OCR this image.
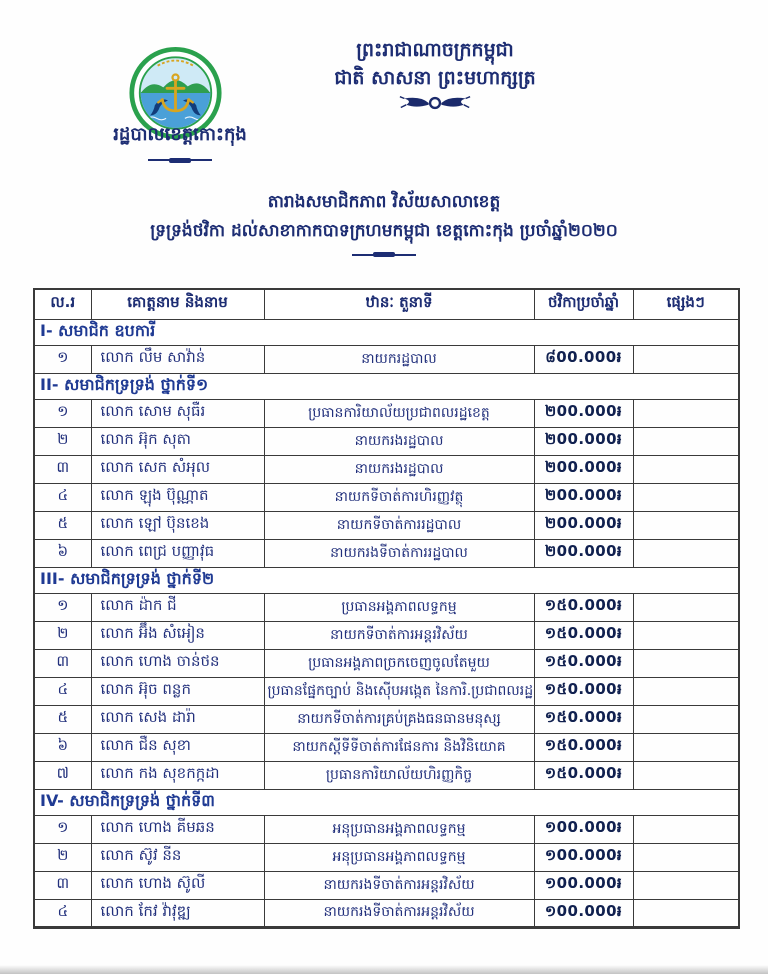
ព្រះរាជាណាចក្រកម្ពុជា
ជាតិ សាសនា ព្រះមហាក្សត្រ
រដ្ឋបាលខេត្តកោះកុង
តារាងសមាជិកភាព វិស័យសាលាខេត្ត
ទ្រទ្រង់ថវិកា ដល់សាខាកាកបាទក្រហមកម្ពុជា ខេត្តកោះកុង ប្រចាំឆ្នាំ២០២០
ល.រ	គោត្តនាម និងនាម	ឋានៈ តួនាទី	ថវិកាប្រចាំឆ្នាំ	ផ្សេងៗ
I- សមាជិក ឧបការី				
១	លោក លឹម សាវ៉ាន់	នាយករដ្ឋបាល	៨00.000៛	
II- សមាជិកទ្រទ្រង់ ថ្នាក់ទី១				
១	លោក សោម សុធឺរ	ប្រធានការិយាល័យប្រជាពលរដ្ឋខេត្ត	២00.000៛	
២	លោក អ៊ុក សុតា	នាយករងរដ្ឋបាល	២00.000៛	
៣	លោក សេក សំអុល	នាយករងរដ្ឋបាល	២00.000៛	
៤	លោក ឡុង ប៊ុណ្ណាត	នាយកទីចាត់ការហិរញ្ញវត្ថុ	២00.000៛	
៥	លោក ឡៅ ប៊ុនខេង	នាយកទីចាត់ការរដ្ឋបាល	២00.000៛	
៦	លោក ពេជ្រ បញ្ញាវុធ	នាយករងទីចាត់ការរដ្ឋបាល	២00.000៛	
III- សមាជិកទ្រទ្រង់ ថ្នាក់ទី២				
១	លោក ដ៉ាក ជី	ប្រធានអង្គភាពលទ្ធកម្ម	១៥0.000៛	
២	លោក អ៊ឹង សំអៀន	នាយកទីចាត់ការអន្តរវិស័យ	១៥0.000៛	
៣	លោក ហោង ចាន់ថន	ប្រធានអង្គភាពច្រកចេញចូលតែមួយ	១៥0.000៛	
៤	លោក អ៊ុច ពន្លក	ប្រធានផ្នែកច្បាប់ និងស៊ើបអង្កេត នៃការិ.ប្រជាពលរដ្ឋ	១៥0.000៛	
៥	លោក សេង ដារ៉ា	នាយកទីចាត់ការគ្រប់គ្រងធនធានមនុស្ស	១៥0.000៛	
៦	លោក ជឺន សុខា	នាយកស្ដីទីទីចាត់ការផែនការ និងវិនិយោគ	១៥0.000៛	
៧	លោក កង សុខកក្កដា	ប្រធានការិយាល័យហិរញ្ញកិច្ច	១៥0.000៛	
IV- សមាជិកទ្រទ្រង់ ថ្នាក់ទី៣				
១	លោក ហោង គីមឆន	អនុប្រធានអង្គភាពលទ្ធកម្ម	១00.000៛	
២	លោក ស៊ូវ នីន	អនុប្រធានអង្គភាពលទ្ធកម្ម	១00.000៛	
៣	លោក ហោង ស៊ូលី	នាយករងទីចាត់ការអន្តរវិស័យ	១00.000៛	
៤	លោក កែវ វ៉ាវុឌ្ឍ	នាយករងទីចាត់ការអន្តរវិស័យ	១00.000៛	
